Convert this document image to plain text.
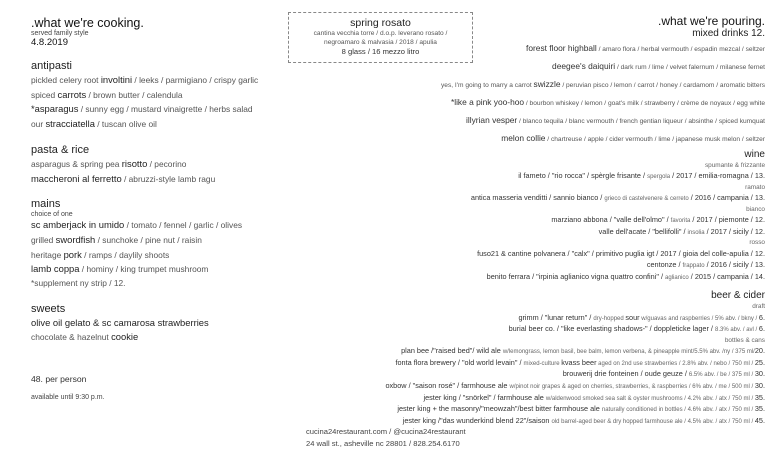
.what we're cooking.
served family style
4.8.2019
antipasti
pickled celery root involtini / leeks / parmigiano / crispy garlic
spiced carrots / brown butter / calendula
*asparagus / sunny egg / mustard vinaigrette / herbs salad
our stracciatella / tuscan olive oil
pasta & rice
asparagus & spring pea risotto / pecorino
maccheroni al ferretto / abruzzi-style lamb ragu
mains
choice of one
sc amberjack in umido / tomato / fennel / garlic / olives
grilled swordfish / sunchoke / pine nut / raisin
heritage pork / ramps / daylily shoots
lamb coppa / hominy / king trumpet mushroom
*supplement ny strip / 12.
sweets
olive oil gelato & sc camarosa strawberries
chocolate & hazelnut cookie
48. per person
available until 9:30 p.m.
spring rosato
cantina vecchia torre / d.o.p. leverano rosato /
negroamaro & malvasia / 2018 / apulia
8 glass / 16 mezzo litro
.what we're pouring.
mixed drinks 12.
forest floor highball / amaro flora / herbal vermouth / espadin mezcal / seltzer
deegee's daiquiri / dark rum / lime / velvet falernum / milanese fernet
yes, I'm going to marry a carrot swizzle / peruvian pisco / lemon / carrot / honey / cardamom / aromatic bitters
*like a pink yoo-hoo / bourbon whiskey / lemon / goat's milk / strawberry / crème de noyaux / egg white
illyrian vesper / blanco tequila / blanc vermouth / french gentian liqueur / absinthe / spiced kumquat
melon collie / chartreuse / apple / cider vermouth / lime / japanese musk melon / seltzer
wine
spumante & frizzante
il fameto / "rio rocca" / spèrgle frisante / spergola / 2017 / emilia-romagna / 13.
ramato
antica masseria venditti / sannio bianco / grieco di castelvenere & cerreto / 2016 / campania / 13.
bianco
marziano abbona / "valle dell'olmo" / favorita / 2017 / piemonte / 12.
valle dell'acate / "bellifolli" / insolia / 2017 / sicily / 12.
rosso
fuso21 & cantine polvanera / "calx" / primitivo puglia igt / 2017 / gioia del colle-apulia / 12.
centonze / frappato / 2016 / sicily / 13.
benito ferrara / "irpinia aglianico vigna quattro confini" / aglianico / 2015 / campania / 14.
beer & cider
draft
grimm / "lunar return" / dry-hopped sour w/guavas and raspberries / 5% abv. / bkny / 6.
burial beer co. / "like everlasting shadows-" / doppleticke lager / 8.3% abv. / avl / 6.
bottles & cans
plan bee /"raised bed"/ wild ale w/lemongrass, lemon basil, bee balm, lemon verbena, & pineapple mint/5.5% abv. /ny / 375 ml/20.
fonta flora brewery / "old world levain" / mixed-culture kvass beer aged on 2nd use strawberries / 2.8% abv. / nebo / 750 ml / 25.
brouwerij drie fonteinen / oude geuze / 6.5% abv. / be / 375 ml / 30.
oxbow / "saison rosé" / farmhouse ale w/pinot noir grapes & aged on cherries, strawberries, & raspberries / 6% abv. / me / 500 ml / 30.
jester king / "snörkel" / farmhouse ale w/aldenwood smoked sea salt & oyster mushrooms / 4.2% abv. / atx / 750 ml / 35.
jester king + the masonry/"meowzah"/best bitter farmhouse ale naturally conditioned in bottles / 4.6% abv. / atx / 750 ml / 35.
jester king /"das wunderkind blend 22"/saison old barrel-aged beer & dry hopped farmhouse ale / 4.5% abv. / atx / 750 ml / 45.
cucina24restaurant.com / @cucina24restaurant
24 wall st., asheville nc 28801 / 828.254.6170
